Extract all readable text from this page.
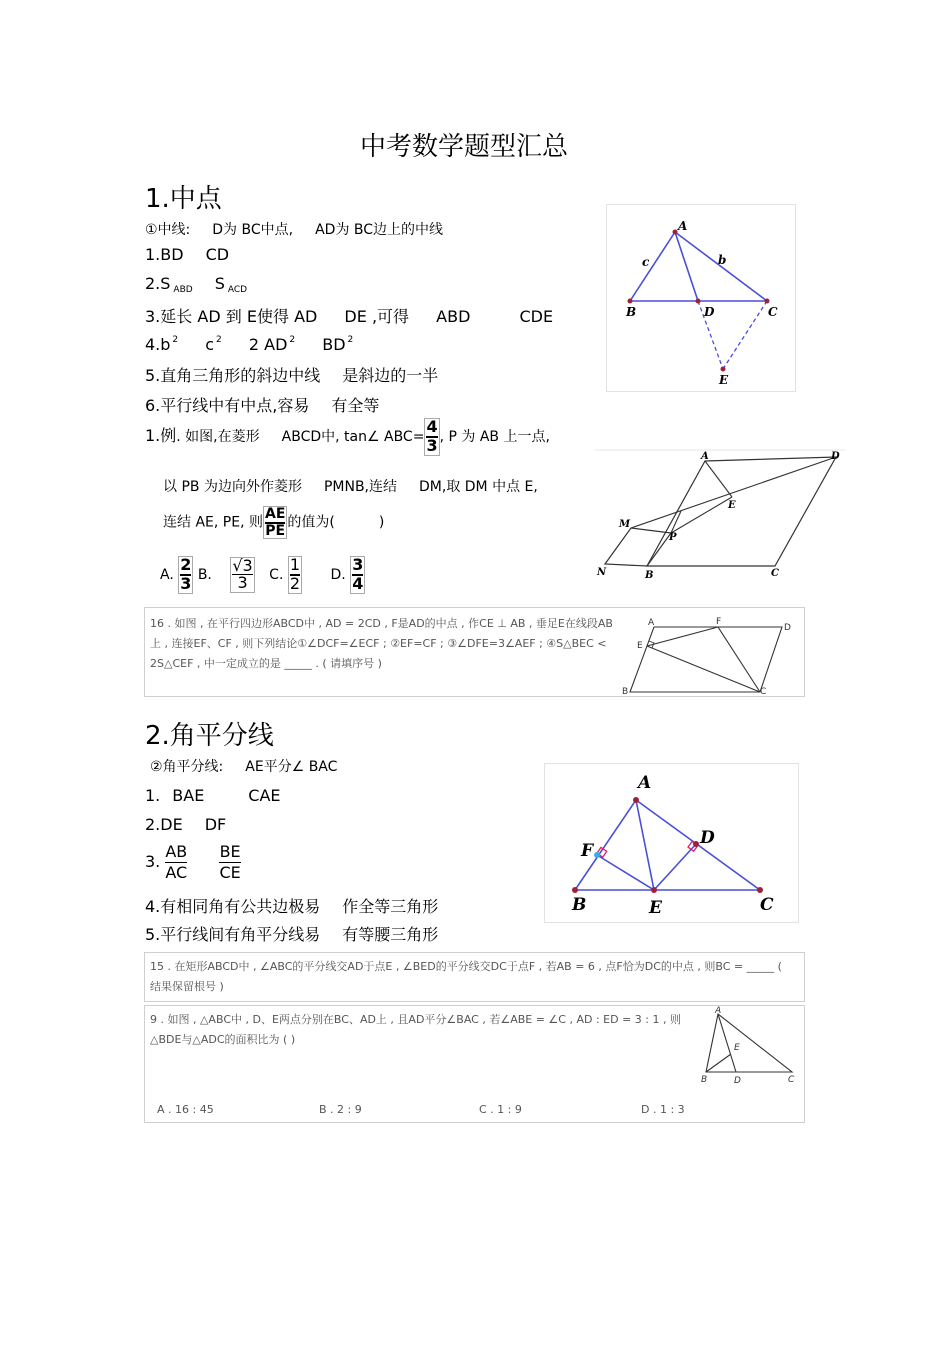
中考数学题型汇总
1.中点
①中线: D为 BC中点, AD为 BC边上的中线
1.BD CD
2.S $_{ABD}$ S $_{ACD}$
3.延长 AD 到 E使得 AD DE ,可得 ABD	CDE
4.b $^2$ c $^2$ 2 AD $^2$ BD $^2$
5.直角三角形的斜边中线 是斜边的一半
6.平行线中有中点,容易 有全等
A
B	C
D
E
c	b
1.例. 如图,在菱形 ABCD中, tan∠ $ABC= \frac{4}{3}$ , P 为 AB 上一点,
以 PB 为边向外作菱形 PMNB,连结 DM,取 DM 中点 E,
连结 AE, PE, 则 $\frac{AE}{PE}$ 的值为(	)
A. $\frac{2}{3} B$. $\frac{√3}{3} C$. $\frac{1}{2} D$. $\frac{3}{4}$
A	D
E
M
P
N	B	C
16 . 如图 , 在平行四边形ABCD中 , AD = 2CD , F是AD的中点 , 作CE ⊥ AB , 垂足E在线段AB上 , 连接EF、CF , 则下列结论①∠DCF=∠ECF ; ②EF=CF ; ③∠DFE=3∠AEF ; ④S△BEC < 2S△CEF , 中一定成立的是 _____ . ( 请填序号 )
A	F
D
E
B	C
2.角平分线
②角平分线: AE平分∠ BAC
1. BAE	CAE
2.DE DF
3. $\frac{AB}{AC}$
$\frac{BE}{CE}$
4.有相同角有公共边极易 作全等三角形
5.平行线间有角平分线易 有等腰三角形
A
F
D
B	E	C
15 . 在矩形ABCD中 , ∠ABC的平分线交AD于点E , ∠BED的平分线交DC于点F , 若AB = 6 , 点F恰为DC的中点 , 则BC = _____ ( 结果保留根号 )
9 . 如图 , △ABC中 , D、E两点分别在BC、AD上 , 且AD平分∠BAC , 若∠ABE = ∠C , AD : ED = 3 : 1 , 则△BDE与△ADC的面积比为 ( )
A
E
B	D	C
A . 16 : 45	B . 2 : 9	C . 1 : 9	D . 1 : 3
